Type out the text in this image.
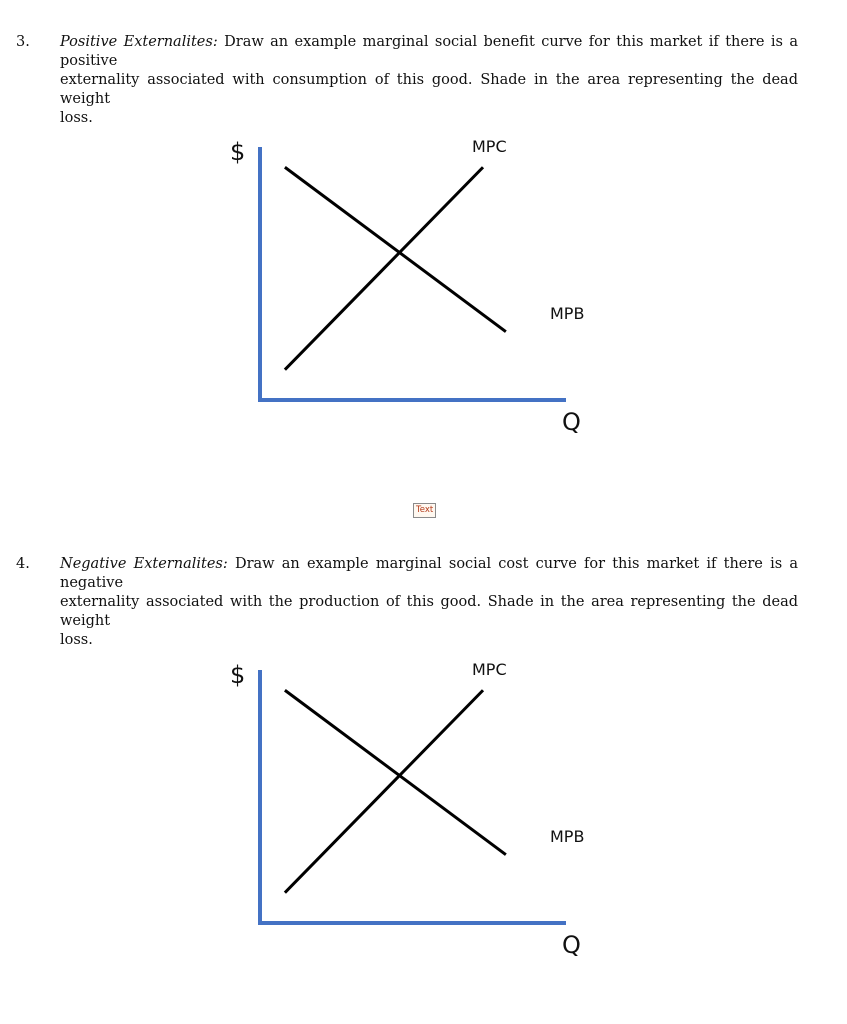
3. Positive Externalites: Draw an example marginal social benefit curve for this market if there is a positive
externality associated with consumption of this good. Shade in the area representing the dead weight
loss.
$
Q
MPC
MPB
Text
4. Negative Externalites: Draw an example marginal social cost curve for this market if there is a negative
externality associated with the production of this good. Shade in the area representing the dead weight
loss.
$
Q
MPC
MPB
